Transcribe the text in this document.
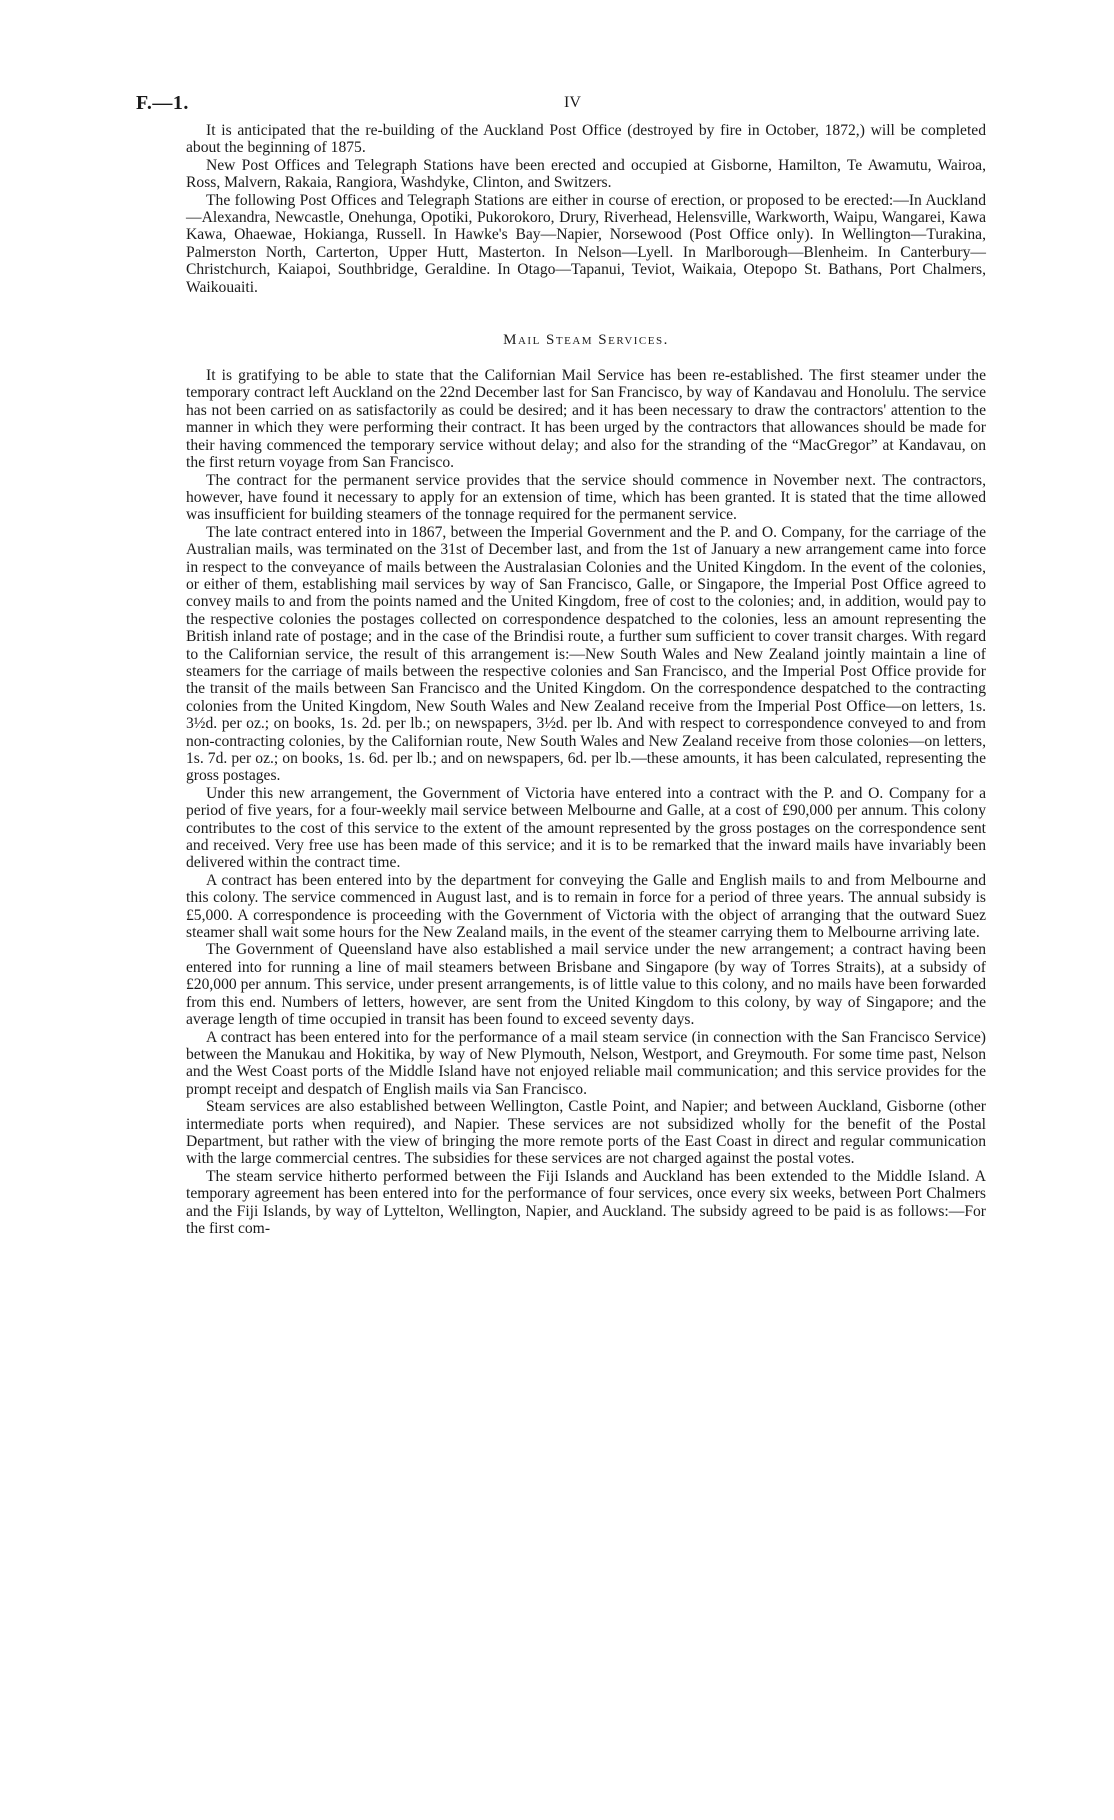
F.—1.	IV

It is anticipated that the re-building of the Auckland Post Office (destroyed by fire in October, 1872,) will be completed about the beginning of 1875.

New Post Offices and Telegraph Stations have been erected and occupied at Gisborne, Hamilton, Te Awamutu, Wairoa, Ross, Malvern, Rakaia, Rangiora, Washdyke, Clinton, and Switzers.

The following Post Offices and Telegraph Stations are either in course of erection, or proposed to be erected:—In Auckland—Alexandra, Newcastle, Onehunga, Opotiki, Pukorokoro, Drury, Riverhead, Helensville, Warkworth, Waipu, Wangarei, Kawa Kawa, Ohaewae, Hokianga, Russell. In Hawke's Bay—Napier, Norsewood (Post Office only). In Wellington—Turakina, Palmerston North, Carterton, Upper Hutt, Masterton. In Nelson—Lyell. In Marlborough—Blenheim. In Canterbury—Christchurch, Kaiapoi, Southbridge, Geraldine. In Otago—Tapanui, Teviot, Waikaia, Otepopo St. Bathans, Port Chalmers, Waikouaiti.

Mail Steam Services.

It is gratifying to be able to state that the Californian Mail Service has been re-established. The first steamer under the temporary contract left Auckland on the 22nd December last for San Francisco, by way of Kandavau and Honolulu. The service has not been carried on as satisfactorily as could be desired; and it has been necessary to draw the contractors' attention to the manner in which they were performing their contract. It has been urged by the contractors that allowances should be made for their having commenced the temporary service without delay; and also for the stranding of the “MacGregor” at Kandavau, on the first return voyage from San Francisco.

The contract for the permanent service provides that the service should commence in November next. The contractors, however, have found it necessary to apply for an extension of time, which has been granted. It is stated that the time allowed was insufficient for building steamers of the tonnage required for the permanent service.

The late contract entered into in 1867, between the Imperial Government and the P. and O. Company, for the carriage of the Australian mails, was terminated on the 31st of December last, and from the 1st of January a new arrangement came into force in respect to the conveyance of mails between the Australasian Colonies and the United Kingdom. In the event of the colonies, or either of them, establishing mail services by way of San Francisco, Galle, or Singapore, the Imperial Post Office agreed to convey mails to and from the points named and the United Kingdom, free of cost to the colonies; and, in addition, would pay to the respective colonies the postages collected on correspondence despatched to the colonies, less an amount representing the British inland rate of postage; and in the case of the Brindisi route, a further sum sufficient to cover transit charges. With regard to the Californian service, the result of this arrangement is:—New South Wales and New Zealand jointly maintain a line of steamers for the carriage of mails between the respective colonies and San Francisco, and the Imperial Post Office provide for the transit of the mails between San Francisco and the United Kingdom. On the correspondence despatched to the contracting colonies from the United Kingdom, New South Wales and New Zealand receive from the Imperial Post Office—on letters, 1s. 3½d. per oz.; on books, 1s. 2d. per lb.; on newspapers, 3½d. per lb. And with respect to correspondence conveyed to and from non-contracting colonies, by the Californian route, New South Wales and New Zealand receive from those colonies—on letters, 1s. 7d. per oz.; on books, 1s. 6d. per lb.; and on newspapers, 6d. per lb.—these amounts, it has been calculated, representing the gross postages.

Under this new arrangement, the Government of Victoria have entered into a contract with the P. and O. Company for a period of five years, for a four-weekly mail service between Melbourne and Galle, at a cost of £90,000 per annum. This colony contributes to the cost of this service to the extent of the amount represented by the gross postages on the correspondence sent and received. Very free use has been made of this service; and it is to be remarked that the inward mails have invariably been delivered within the contract time.

A contract has been entered into by the department for conveying the Galle and English mails to and from Melbourne and this colony. The service commenced in August last, and is to remain in force for a period of three years. The annual subsidy is £5,000. A correspondence is proceeding with the Government of Victoria with the object of arranging that the outward Suez steamer shall wait some hours for the New Zealand mails, in the event of the steamer carrying them to Melbourne arriving late.

The Government of Queensland have also established a mail service under the new arrangement; a contract having been entered into for running a line of mail steamers between Brisbane and Singapore (by way of Torres Straits), at a subsidy of £20,000 per annum. This service, under present arrangements, is of little value to this colony, and no mails have been forwarded from this end. Numbers of letters, however, are sent from the United Kingdom to this colony, by way of Singapore; and the average length of time occupied in transit has been found to exceed seventy days.

A contract has been entered into for the performance of a mail steam service (in connection with the San Francisco Service) between the Manukau and Hokitika, by way of New Plymouth, Nelson, Westport, and Greymouth. For some time past, Nelson and the West Coast ports of the Middle Island have not enjoyed reliable mail communication; and this service provides for the prompt receipt and despatch of English mails via San Francisco.

Steam services are also established between Wellington, Castle Point, and Napier; and between Auckland, Gisborne (other intermediate ports when required), and Napier. These services are not subsidized wholly for the benefit of the Postal Department, but rather with the view of bringing the more remote ports of the East Coast in direct and regular communication with the large commercial centres. The subsidies for these services are not charged against the postal votes.

The steam service hitherto performed between the Fiji Islands and Auckland has been extended to the Middle Island. A temporary agreement has been entered into for the performance of four services, once every six weeks, between Port Chalmers and the Fiji Islands, by way of Lyttelton, Wellington, Napier, and Auckland. The subsidy agreed to be paid is as follows:—For the first com-
